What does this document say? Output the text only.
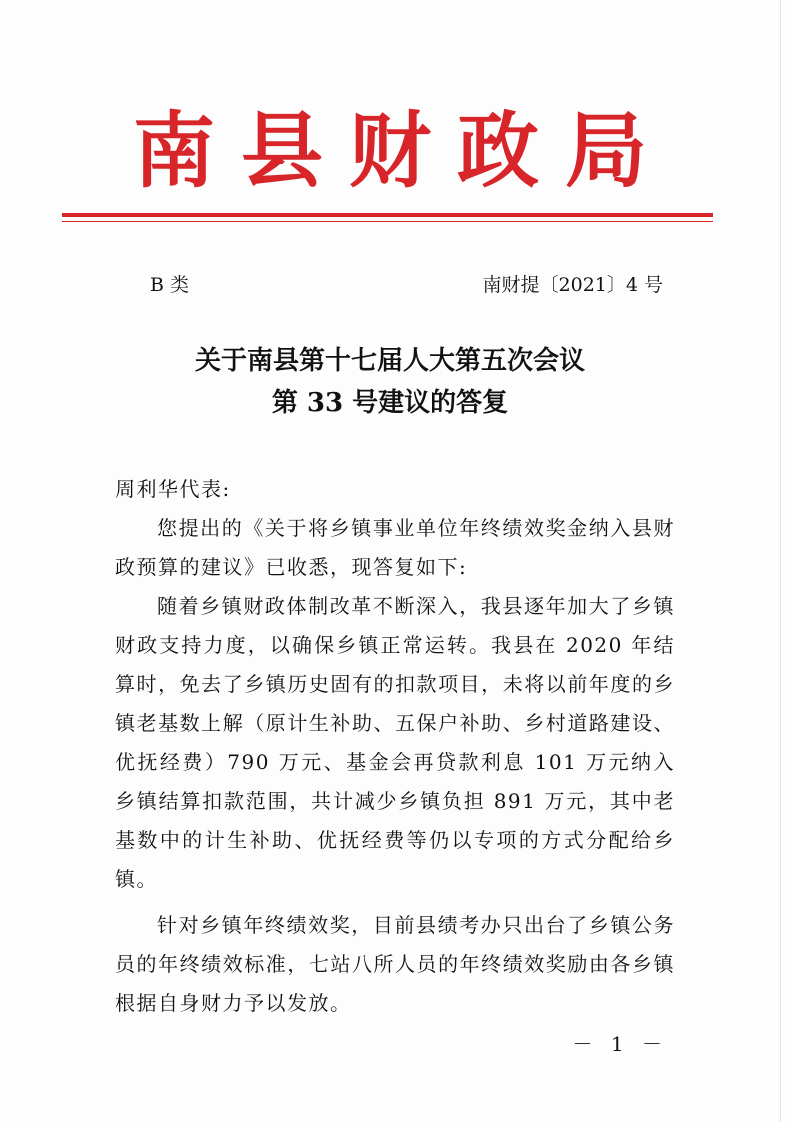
南县财政局
B 类	南财提〔2021〕4 号
关于南县第十七届人大第五次会议
第 33 号建议的答复

周利华代表:

您提出的《关于将乡镇事业单位年终绩效奖金纳入县财政预算的建议》已收悉，现答复如下:

随着乡镇财政体制改革不断深入，我县逐年加大了乡镇财政支持力度，以确保乡镇正常运转。我县在 2020 年结算时，免去了乡镇历史固有的扣款项目，未将以前年度的乡镇老基数上解（原计生补助、五保户补助、乡村道路建设、优抚经费）790 万元、基金会再贷款利息 101 万元纳入乡镇结算扣款范围，共计减少乡镇负担 891 万元，其中老基数中的计生补助、优抚经费等仍以专项的方式分配给乡镇。

针对乡镇年终绩效奖，目前县绩考办只出台了乡镇公务员的年终绩效标准，七站八所人员的年终绩效奖励由各乡镇根据自身财力予以发放。

－ 1 －
